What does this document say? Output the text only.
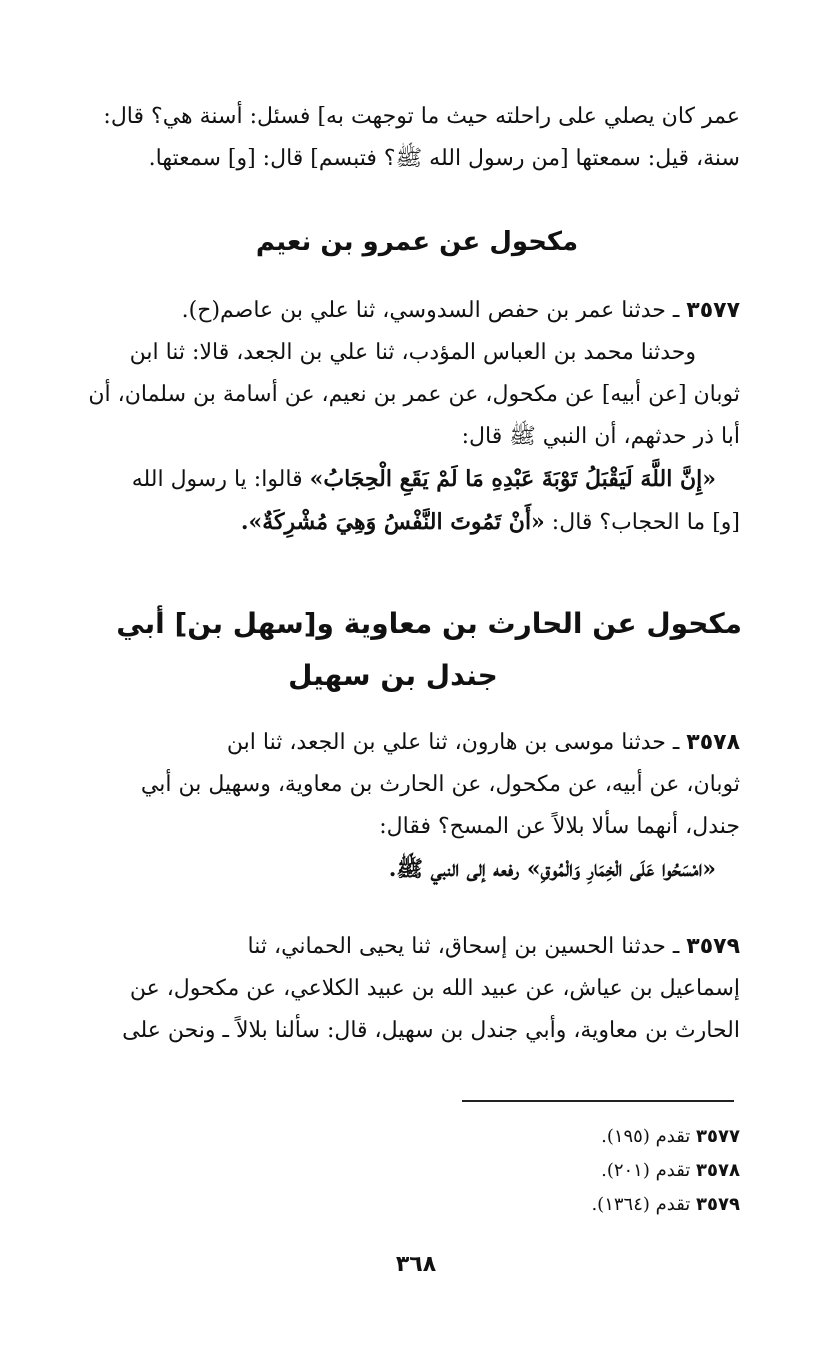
عمر كان يصلي على راحلته حيث ما توجهت به] فسئل: أسنة هي؟ قال:
سنة، قيل: سمعتها [من رسول الله ﷺ؟ فتبسم] قال: [و] سمعتها.
مكحول عن عمرو بن نعيم
٣٥٧٧ ـ حدثنا عمر بن حفص السدوسي، ثنا علي بن عاصم(ح).
وحدثنا محمد بن العباس المؤدب، ثنا علي بن الجعد، قالا: ثنا ابن
ثوبان [عن أبيه] عن مكحول، عن عمر بن نعيم، عن أسامة بن سلمان، أن
أبا ذر حدثهم، أن النبي ﷺ قال:
«إِنَّ اللَّهَ لَيَقْبَلُ تَوْبَةَ عَبْدِهِ مَا لَمْ يَقَعِ الْحِجَابُ» قالوا: يا رسول الله
[و] ما الحجاب؟ قال: «أَنْ تَمُوتَ النَّفْسُ وَهِيَ مُشْرِكَةٌ».
مكحول عن الحارث بن معاوية و[سهل بن] أبي
جندل بن سهيل
٣٥٧٨ ـ حدثنا موسى بن هارون، ثنا علي بن الجعد، ثنا ابن
ثوبان، عن أبيه، عن مكحول، عن الحارث بن معاوية، وسهيل بن أبي
جندل، أنهما سألا بلالاً عن المسح؟ فقال:
«امْسَحُوا عَلَى الْخِمَارِ وَالْمُوقِ» رفعه إلى النبي ﷺ.
٣٥٧٩ ـ حدثنا الحسين بن إسحاق، ثنا يحيى الحماني، ثنا
إسماعيل بن عياش، عن عبيد الله بن عبيد الكلاعي، عن مكحول، عن
الحارث بن معاوية، وأبي جندل بن سهيل، قال: سألنا بلالاً ـ ونحن على
٣٥٧٧ تقدم (١٩٥).
٣٥٧٨ تقدم (٢٠١).
٣٥٧٩ تقدم (١٣٦٤).
٣٦٨
